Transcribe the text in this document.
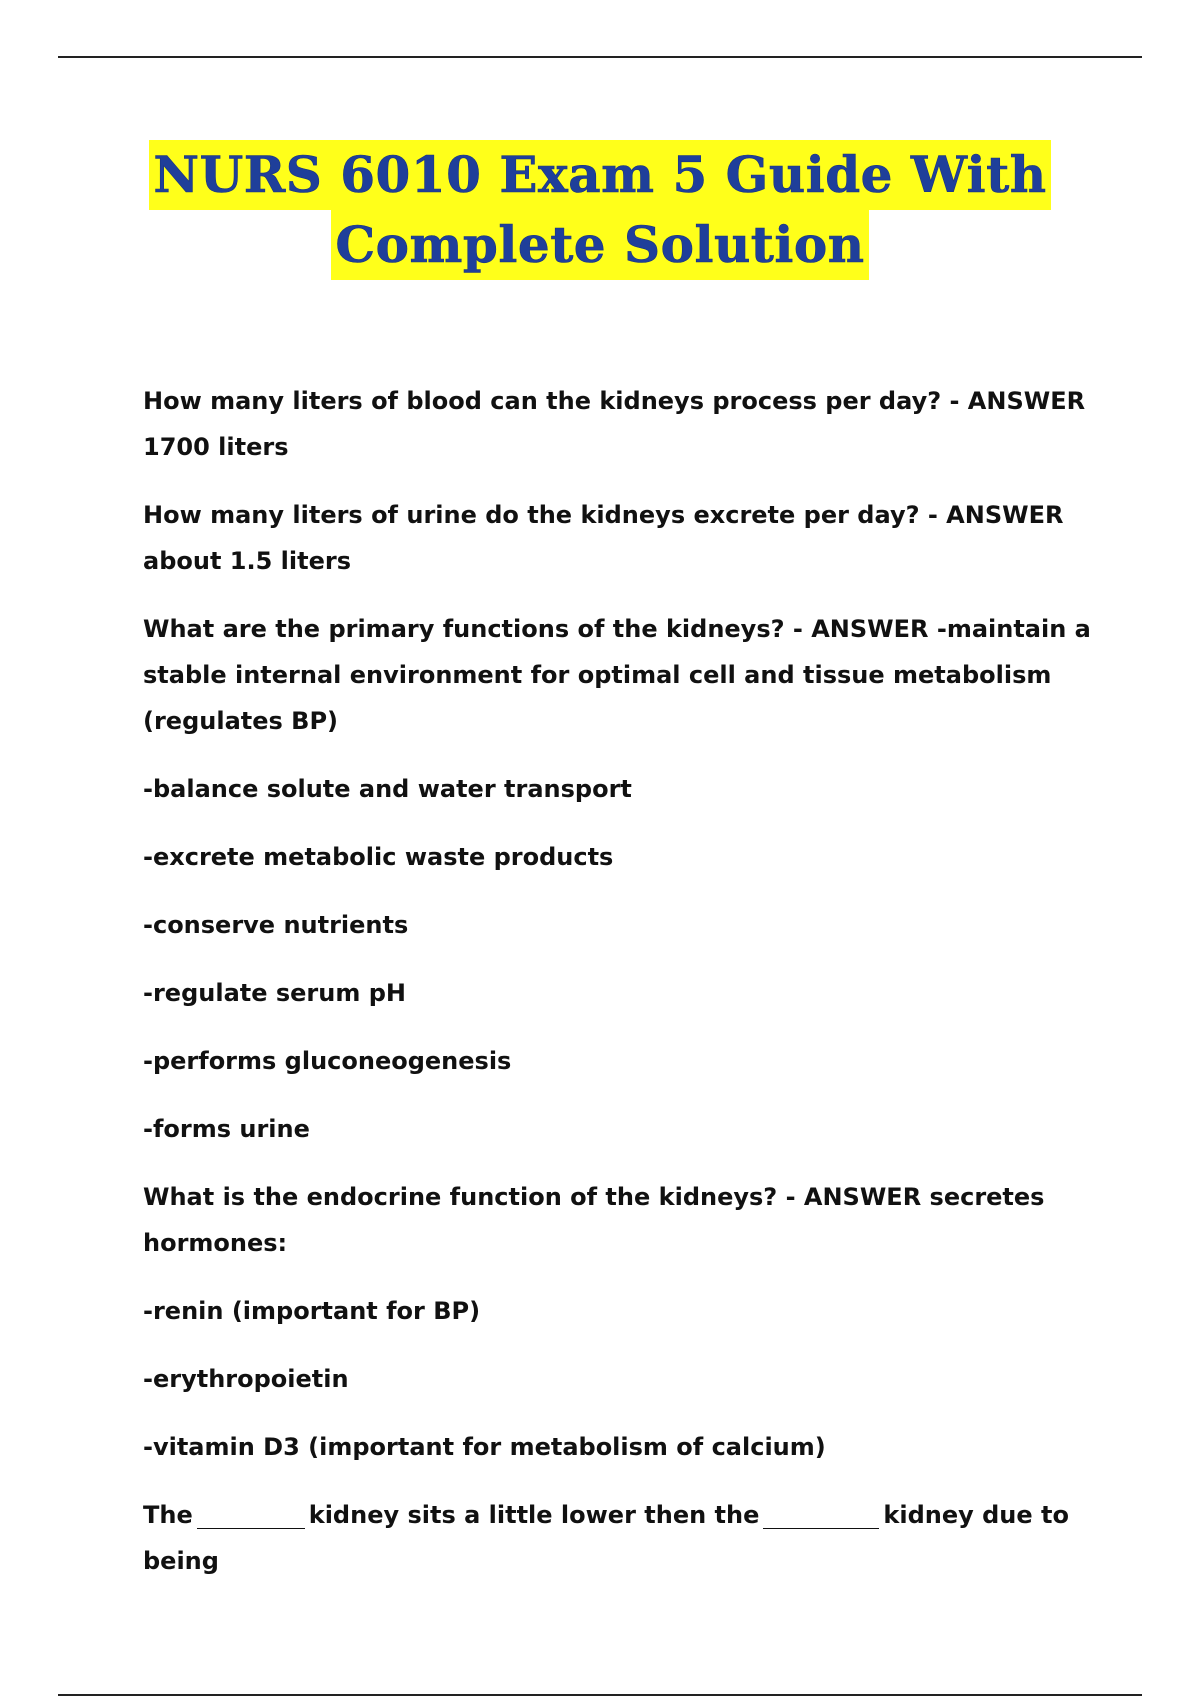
NURS 6010 Exam 5 Guide With
Complete Solution

How many liters of blood can the kidneys process per day? - ANSWER 1700 liters

How many liters of urine do the kidneys excrete per day? - ANSWER about 1.5 liters

What are the primary functions of the kidneys? - ANSWER -maintain a stable internal environment for optimal cell and tissue metabolism (regulates BP)

-balance solute and water transport

-excrete metabolic waste products

-conserve nutrients

-regulate serum pH

-performs gluconeogenesis

-forms urine

What is the endocrine function of the kidneys? - ANSWER secretes hormones:

-renin (important for BP)

-erythropoietin

-vitamin D3 (important for metabolism of calcium)

The	kidney sits a little lower then the	kidney due to being
